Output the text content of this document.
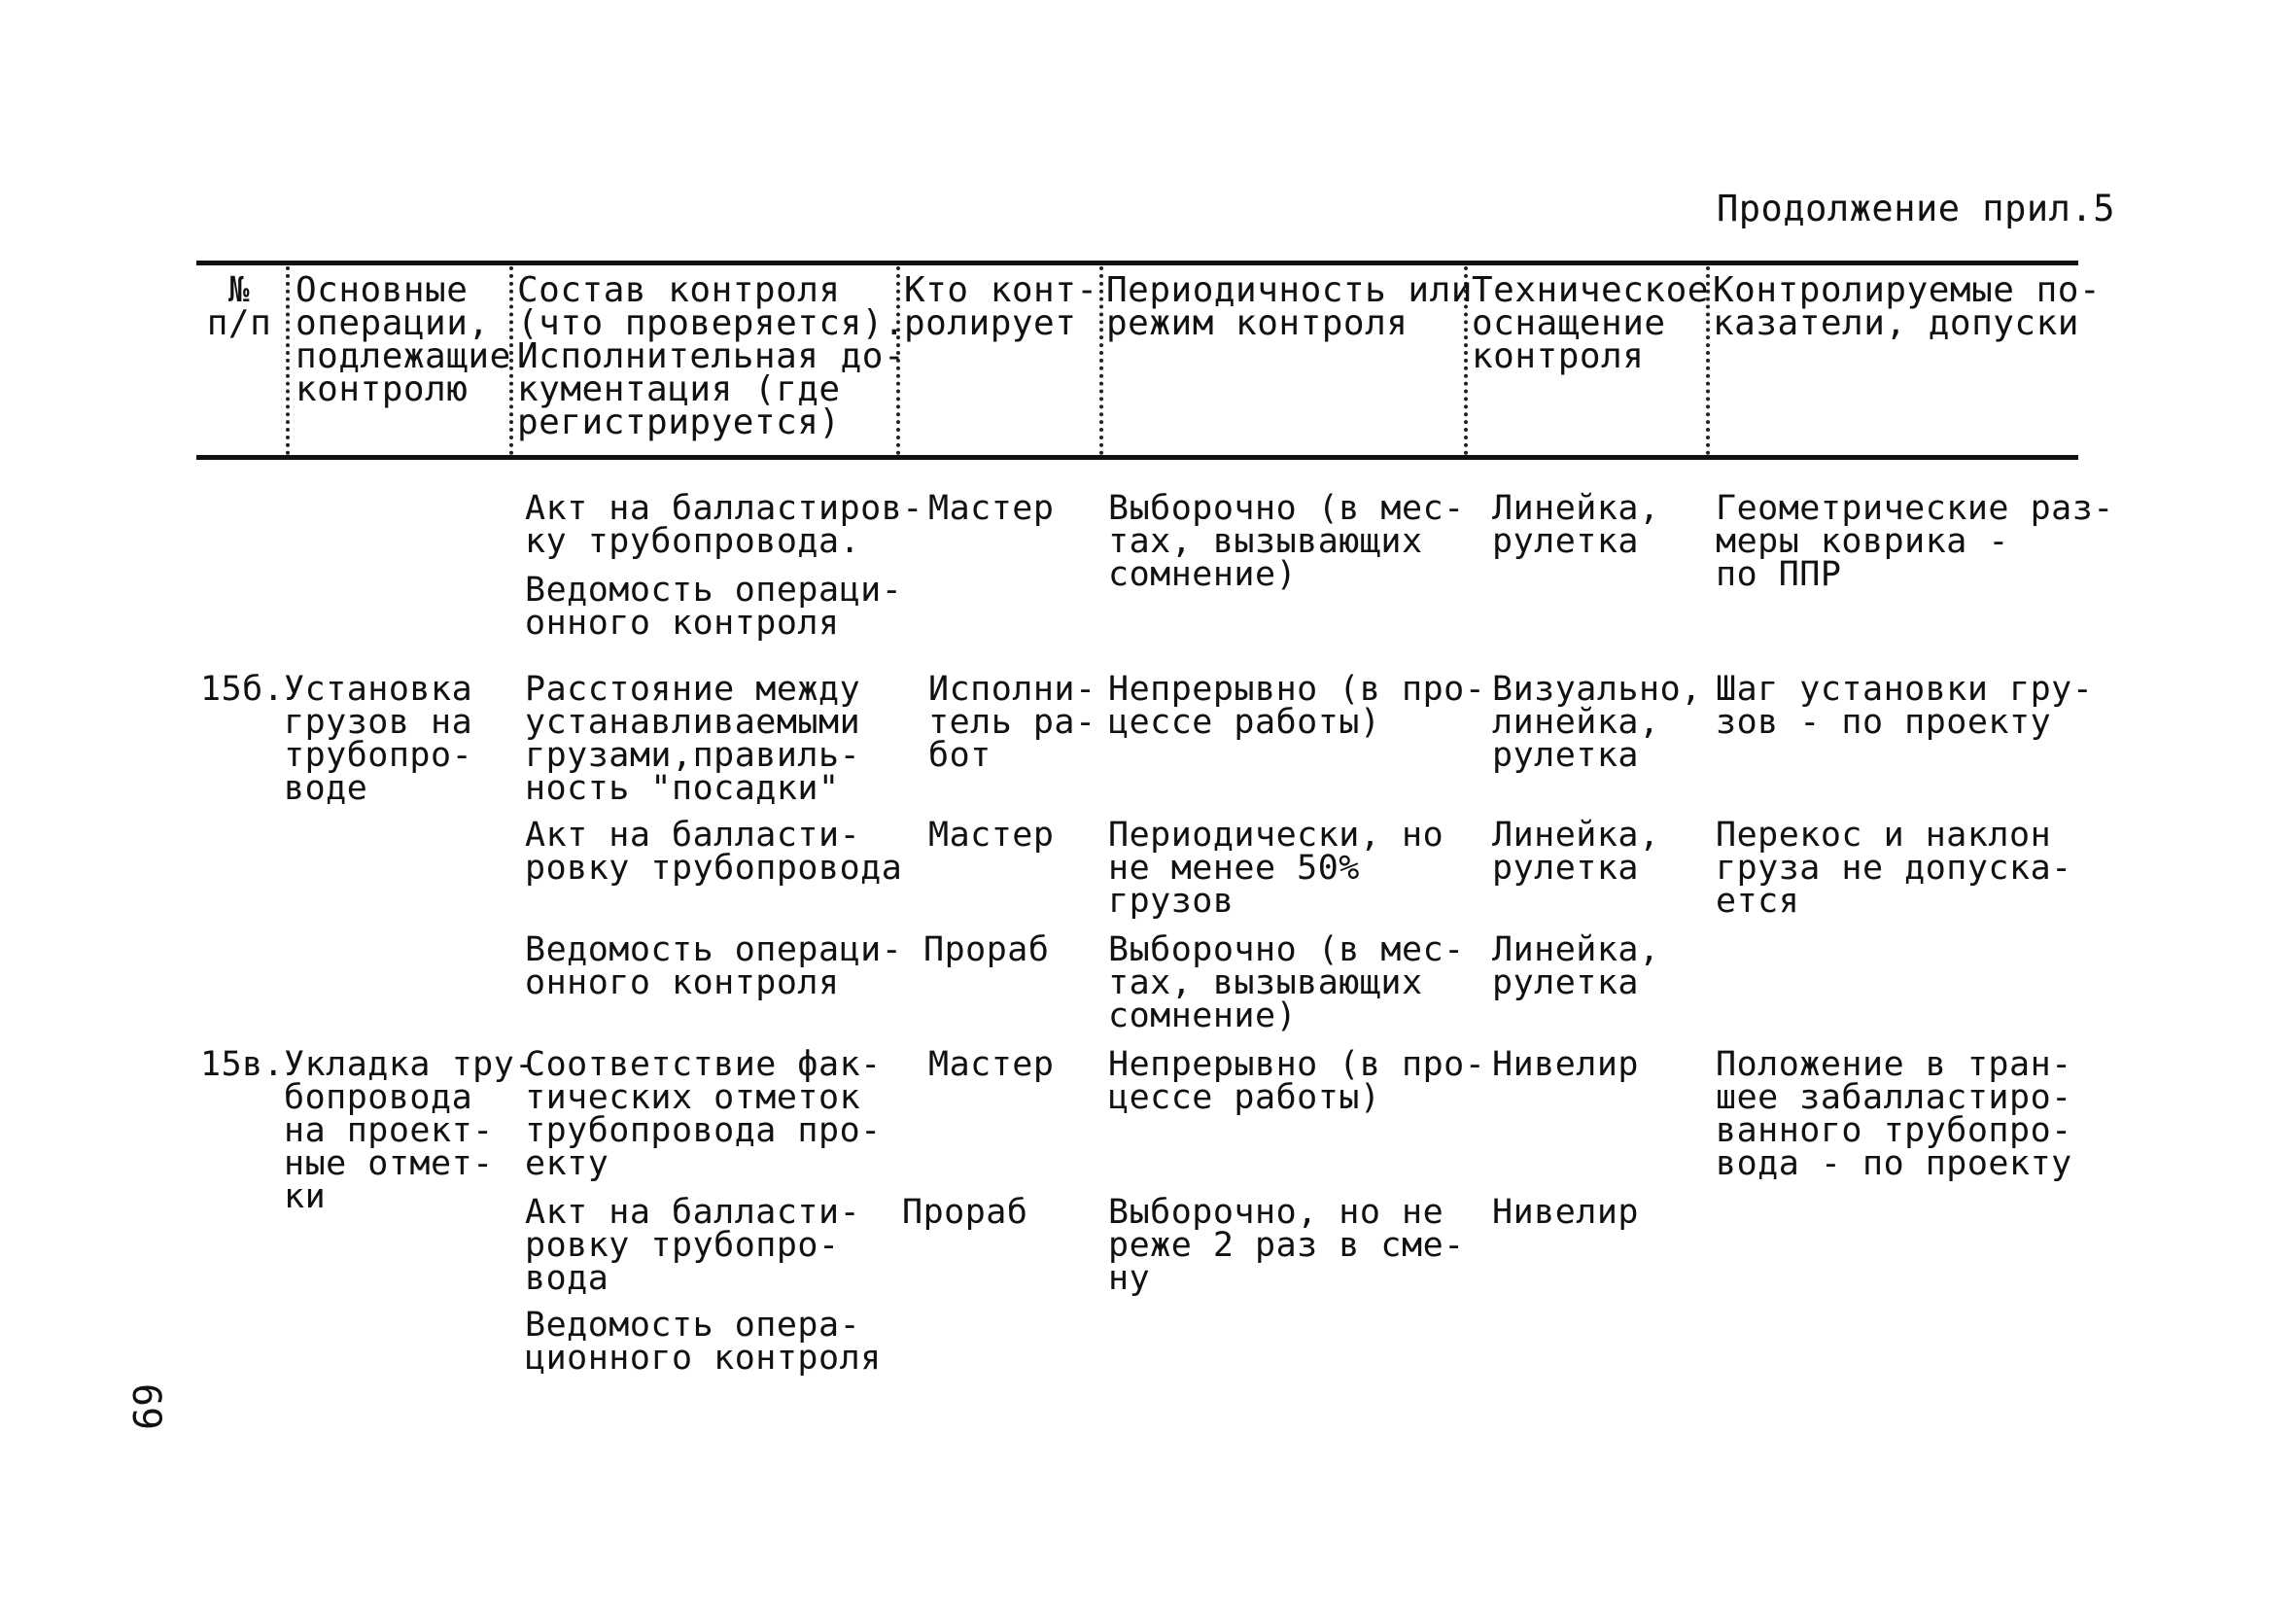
Продолжение прил.5
№
п/п
Основные
операции,
подлежащие
контролю
Состав контроля
(что проверяется).
Исполнительная до-
кументация (где
регистрируется)
Кто конт-
ролирует
Периодичность или
режим контроля
Техническое
оснащение
контроля
Контролируемые по-
казатели, допуски
Акт на балластиров-
ку трубопровода.
Ведомость операци-
онного контроля
Мастер Выборочно (в мес-
тах, вызывающих
сомнение)
Линейка,
рулетка
Геометрические раз-
меры коврика -
по ППР
15б. Установка
грузов на
трубопро-
воде
Расстояние между
устанавливаемыми
грузами,правиль-
ность "посадки"
Исполни-
тель ра-
бот
Непрерывно (в про-
цессе работы)
Визуально,
линейка,
рулетка
Шаг установки гру-
зов - по проекту
Акт на балласти-
ровку трубопровода
Мастер Периодически, но
не менее 50%
грузов
Линейка,
рулетка
Перекос и наклон
груза не допуска-
ется
Ведомость операци-
онного контроля
Прораб Выборочно (в мес-
тах, вызывающих
сомнение)
Линейка,
рулетка
15в. Укладка тру-
бопровода
на проект-
ные отмет-
ки
Соответствие фак-
тических отметок
трубопровода про-
екту
Мастер Непрерывно (в про-
цессе работы)
Нивелир Положение в тран-
шее забалластиро-
ванного трубопро-
вода - по проекту
Акт на балласти-
ровку трубопро-
вода
Ведомость опера-
ционного контроля
Прораб Выборочно, но не
реже 2 раз в сме-
ну
Нивелир
69
